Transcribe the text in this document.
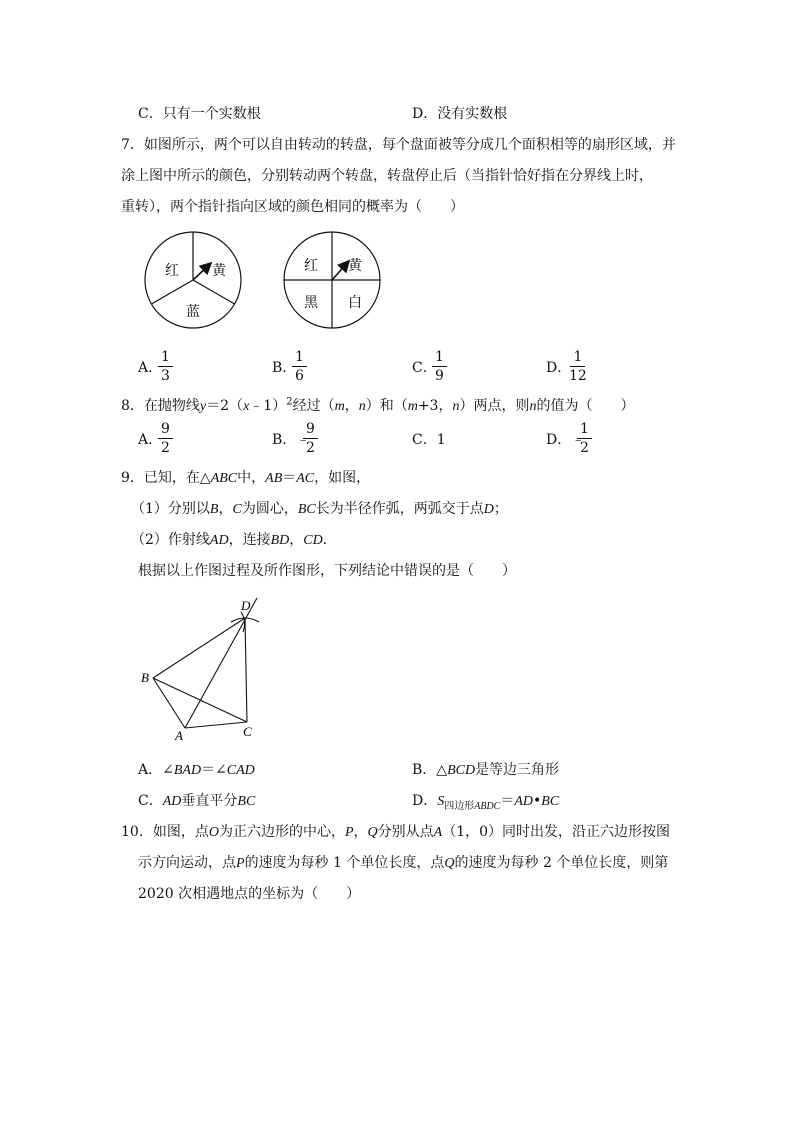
C．只有一个实数根	D．没有实数根
7．如图所示，两个可以自由转动的转盘，每个盘面被等分成几个面积相等的扇形区域，并
涂上图中所示的颜色，分别转动两个转盘，转盘停止后（当指针恰好指在分界线上时，
重转），两个指针指向区域的颜色相同的概率为（　　）
红 黄
蓝
红 黄
黑 白
A．
$\frac{1}{3}$	B．
$\frac{1}{6}$	C．
$\frac{1}{9}$	D．
$\frac{1}{12}$
8．在抛物线y＝2（x﹣1）$^2$经过（m，n）和（m+3，n）两点，则n的值为（　　）
A．
$\frac{9}{2}$	B．﹣
$\frac{9}{2}$	C．1	D．﹣
$\frac{1}{2}$
9．已知，在△ABC中，AB＝AC，如图，
（1）分别以B，C为圆心，BC长为半径作弧，两弧交于点D；
（2）作射线AD，连接BD，CD．
根据以上作图过程及所作图形，下列结论中错误的是（　　）
D
B
A	C
A．∠BAD＝∠CAD	B．△BCD是等边三角形
C．AD垂直平分BC	D．$S_{四边形ABDC}=AD•BC$
10．如图，点O为正六边形的中心，P，Q分别从点A（1，0）同时出发，沿正六边形按图
示方向运动，点P的速度为每秒 1 个单位长度，点Q的速度为每秒 2 个单位长度，则第
2020 次相遇地点的坐标为（　　）
